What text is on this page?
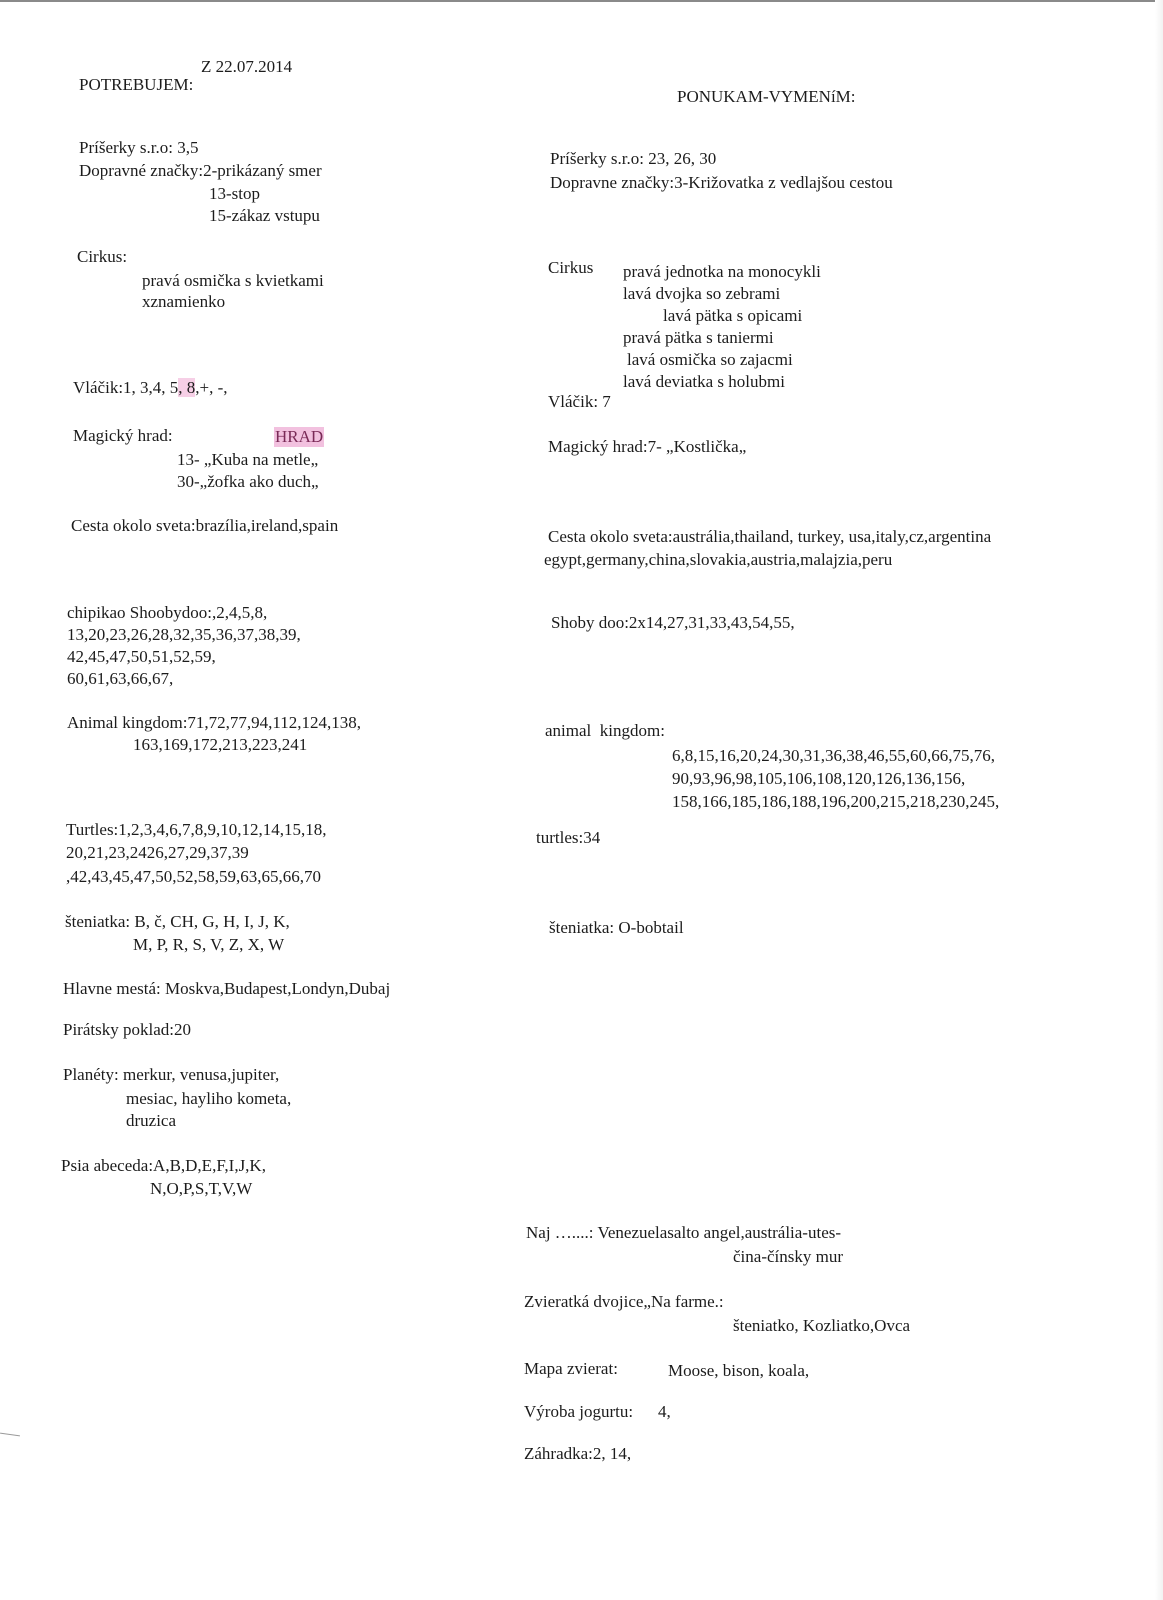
Z 22.07.2014
POTREBUJEM:
PONUKAM-VYMENíM:
Príšerky s.r.o: 3,5
Dopravné značky:2-prikázaný smer
13-stop
15-zákaz vstupu
Cirkus:
pravá osmička s kvietkami
xznamienko
Vláčik:1, 3,4, 5, 8,+, -,
Magický hrad:	HRAD
13- „Kuba na metle„
30-„žofka ako duch„
Cesta okolo sveta:brazília,ireland,spain
chipikao Shoobydoo:,2,4,5,8,
13,20,23,26,28,32,35,36,37,38,39,
42,45,47,50,51,52,59,
60,61,63,66,67,
Animal kingdom:71,72,77,94,112,124,138,
163,169,172,213,223,241
Turtles:1,2,3,4,6,7,8,9,10,12,14,15,18,
20,21,23,2426,27,29,37,39
,42,43,45,47,50,52,58,59,63,65,66,70
šteniatka: B, č, CH, G, H, I, J, K,
M, P, R, S, V, Z, X, W
Hlavne mestá: Moskva,Budapest,Londyn,Dubaj
Pirátsky poklad:20
Planéty: merkur, venusa,jupiter,
mesiac, hayliho kometa,
druzica
Psia abeceda:A,B,D,E,F,I,J,K,
N,O,P,S,T,V,W
Príšerky s.r.o: 23, 26, 30
Dopravne značky:3-Križovatka z vedlajšou cestou
Cirkus pravá jednotka na monocykli
lavá dvojka so zebrami
lavá pätka s opicami
pravá pätka s taniermi
lavá osmička so zajacmi
lavá deviatka s holubmi
Vláčik: 7
Magický hrad:7- „Kostlička„
Cesta okolo sveta:austrália,thailand, turkey, usa,italy,cz,argentina
egypt,germany,china,slovakia,austria,malajzia,peru
Shoby doo:2x14,27,31,33,43,54,55,
animal  kingdom:
6,8,15,16,20,24,30,31,36,38,46,55,60,66,75,76,
90,93,96,98,105,106,108,120,126,136,156,
158,166,185,186,188,196,200,215,218,230,245,
turtles:34
šteniatka: O-bobtail
Naj …....: Venezuelasalto angel,austrália-utes-
čina-čínsky mur
Zvieratká dvojice„Na farme.:
šteniatko, Kozliatko,Ovca
Mapa zvierat:	Moose, bison, koala,
Výroba jogurtu: 4,
Záhradka:2, 14,
